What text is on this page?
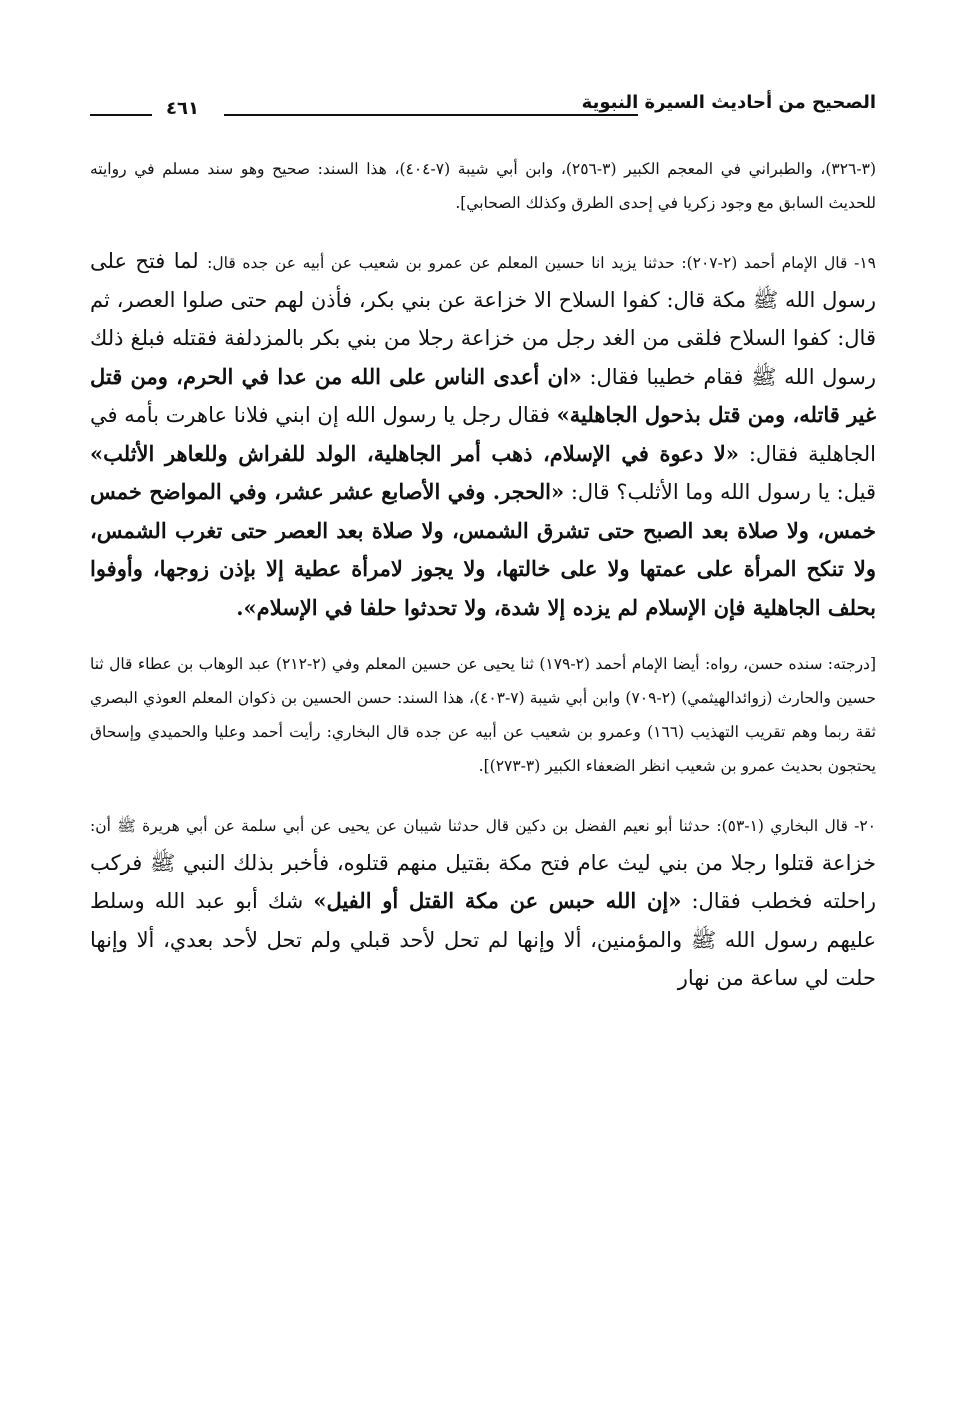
الصحيح من أحاديث السيرة النبوية
٤٦١

(٣-٣٢٦)، والطبراني في المعجم الكبير (٣-٢٥٦)، وابن أبي شيبة (٧-٤٠٤)، هذا السند: صحيح وهو سند مسلم في روايته للحديث السابق مع وجود زكريا في إحدى الطرق وكذلك الصحابي].

١٩- قال الإمام أحمد (٢-٢٠٧): حدثنا يزيد انا حسين المعلم عن عمرو بن شعيب عن أبيه عن جده قال: لما فتح على رسول الله ﷺ مكة قال: كفوا السلاح الا خزاعة عن بني بكر، فأذن لهم حتى صلوا العصر، ثم قال: كفوا السلاح فلقى من الغد رجل من خزاعة رجلا من بني بكر بالمزدلفة فقتله فبلغ ذلك رسول الله ﷺ فقام خطيبا فقال: «ان أعدى الناس على الله من عدا في الحرم، ومن قتل غير قاتله، ومن قتل بذحول الجاهلية» فقال رجل يا رسول الله إن ابني فلانا عاهرت بأمه في الجاهلية فقال: «لا دعوة في الإسلام، ذهب أمر الجاهلية، الولد للفراش وللعاهر الأثلب» قيل: يا رسول الله وما الأثلب؟ قال: «الحجر. وفي الأصابع عشر عشر، وفي المواضح خمس خمس، ولا صلاة بعد الصبح حتى تشرق الشمس، ولا صلاة بعد العصر حتى تغرب الشمس، ولا تنكح المرأة على عمتها ولا على خالتها، ولا يجوز لامرأة عطية إلا بإذن زوجها، وأوفوا بحلف الجاهلية فإن الإسلام لم يزده إلا شدة، ولا تحدثوا حلفا في الإسلام».

[درجته: سنده حسن، رواه: أيضا الإمام أحمد (٢-١٧٩) ثنا يحيى عن حسين المعلم وفي (٢-٢١٢) عبد الوهاب بن عطاء قال ثنا حسين والحارث (زوائدالهيثمي) (٢-٧٠٩) وابن أبي شيبة (٧-٤٠٣)، هذا السند: حسن الحسين بن ذكوان المعلم العوذي البصري ثقة ربما وهم تقريب التهذيب (١٦٦) وعمرو بن شعيب عن أبيه عن جده قال البخاري: رأيت أحمد وعليا والحميدي وإسحاق يحتجون بحديث عمرو بن شعيب انظر الضعفاء الكبير (٣-٢٧٣)].

٢٠- قال البخاري (١-٥٣): حدثنا أبو نعيم الفضل بن دكين قال حدثنا شيبان عن يحيى عن أبي سلمة عن أبي هريرة ﷺ أن: خزاعة قتلوا رجلا من بني ليث عام فتح مكة بقتيل منهم قتلوه، فأخبر بذلك النبي ﷺ فركب راحلته فخطب فقال: «إن الله حبس عن مكة القتل أو الفيل» شك أبو عبد الله وسلط عليهم رسول الله ﷺ والمؤمنين، ألا وإنها لم تحل لأحد قبلي ولم تحل لأحد بعدي، ألا وإنها حلت لي ساعة من نهار
